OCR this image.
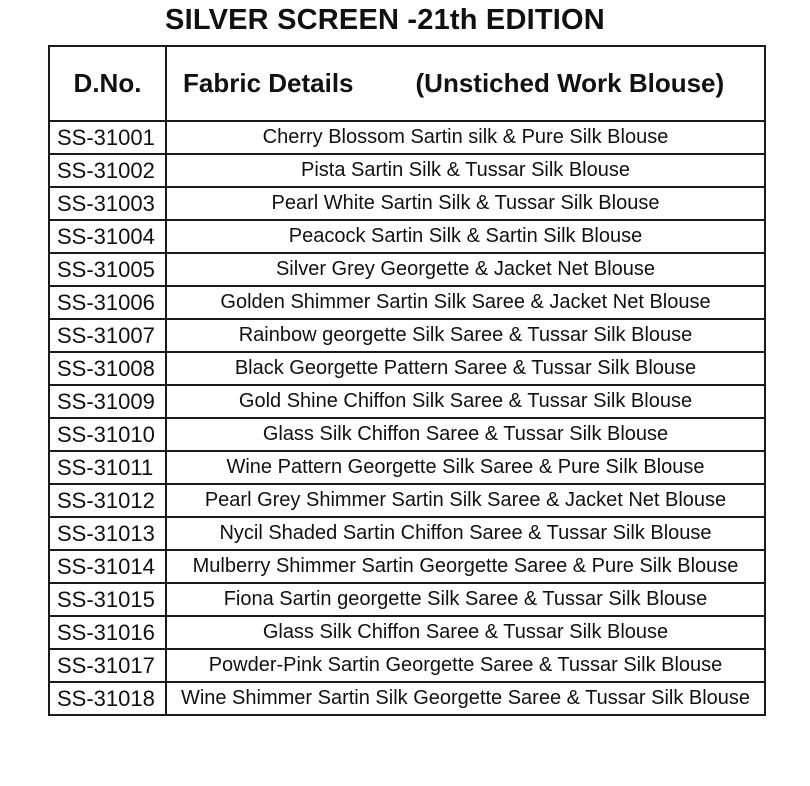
SILVER SCREEN -21th EDITION
D.No.	Fabric Details (Unstiched Work Blouse)
SS-31001	Cherry Blossom Sartin silk & Pure Silk Blouse
SS-31002	Pista Sartin Silk & Tussar Silk Blouse
SS-31003	Pearl White Sartin Silk & Tussar Silk Blouse
SS-31004	Peacock Sartin Silk & Sartin Silk Blouse
SS-31005	Silver Grey Georgette & Jacket Net Blouse
SS-31006	Golden Shimmer Sartin Silk Saree & Jacket Net Blouse
SS-31007	Rainbow georgette Silk Saree & Tussar Silk Blouse
SS-31008	Black Georgette Pattern Saree & Tussar Silk Blouse
SS-31009	Gold Shine Chiffon Silk Saree & Tussar Silk Blouse
SS-31010	Glass Silk Chiffon Saree & Tussar Silk Blouse
SS-31011	Wine Pattern Georgette Silk Saree & Pure Silk Blouse
SS-31012	Pearl Grey Shimmer Sartin Silk Saree & Jacket Net Blouse
SS-31013	Nycil Shaded Sartin Chiffon Saree & Tussar Silk Blouse
SS-31014	Mulberry Shimmer Sartin Georgette Saree & Pure Silk Blouse
SS-31015	Fiona Sartin georgette Silk Saree & Tussar Silk Blouse
SS-31016	Glass Silk Chiffon Saree & Tussar Silk Blouse
SS-31017	Powder-Pink Sartin Georgette Saree & Tussar Silk Blouse
SS-31018	Wine Shimmer Sartin Silk Georgette Saree & Tussar Silk Blouse
